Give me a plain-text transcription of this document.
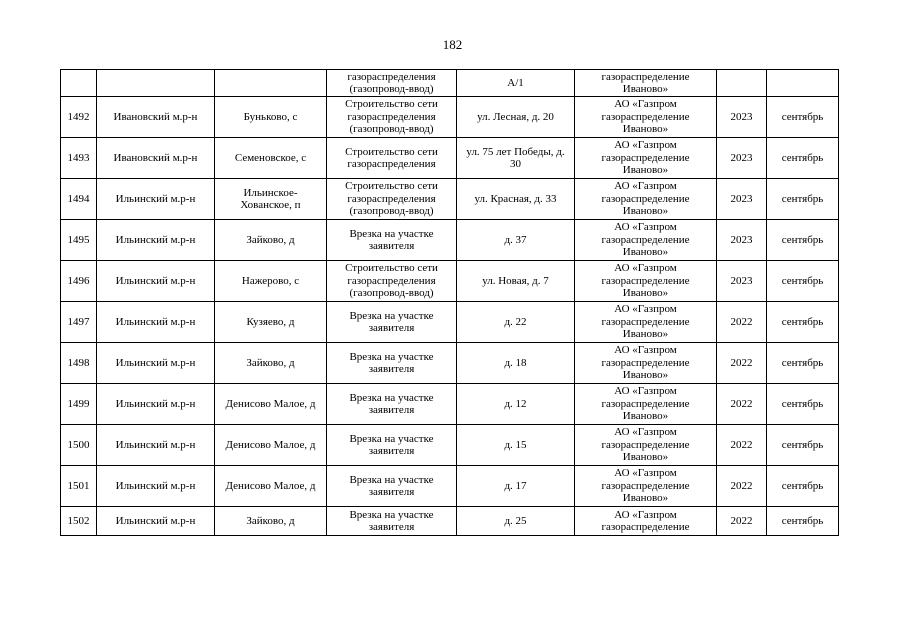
182

			газораспределения
(газопровод-ввод)	А/1	газораспределение
Иваново»		

1492	Ивановский м.р-н	Буньково, с	Строительство сети
газораспределения
(газопровод-ввод)	ул. Лесная, д. 20	АО «Газпром
газораспределение
Иваново»	2023	сентябрь

1493	Ивановский м.р-н	Семеновское, с	Строительство сети
газораспределения	ул. 75 лет Победы, д.
30	АО «Газпром
газораспределение
Иваново»	2023	сентябрь

1494	Ильинский м.р-н	Ильинское-
Хованское, п	Строительство сети
газораспределения
(газопровод-ввод)	ул. Красная, д. 33	АО «Газпром
газораспределение
Иваново»	2023	сентябрь

1495	Ильинский м.р-н	Зайково, д	Врезка на участке
заявителя	д. 37	АО «Газпром
газораспределение
Иваново»	2023	сентябрь

1496	Ильинский м.р-н	Нажерово, с	Строительство сети
газораспределения
(газопровод-ввод)	ул. Новая, д. 7	АО «Газпром
газораспределение
Иваново»	2023	сентябрь

1497	Ильинский м.р-н	Кузяево, д	Врезка на участке
заявителя	д. 22	АО «Газпром
газораспределение
Иваново»	2022	сентябрь

1498	Ильинский м.р-н	Зайково, д	Врезка на участке
заявителя	д. 18	АО «Газпром
газораспределение
Иваново»	2022	сентябрь

1499	Ильинский м.р-н	Денисово Малое, д	Врезка на участке
заявителя	д. 12	АО «Газпром
газораспределение
Иваново»	2022	сентябрь

1500	Ильинский м.р-н	Денисово Малое, д	Врезка на участке
заявителя	д. 15	АО «Газпром
газораспределение
Иваново»	2022	сентябрь

1501	Ильинский м.р-н	Денисово Малое, д	Врезка на участке
заявителя	д. 17	АО «Газпром
газораспределение
Иваново»	2022	сентябрь

1502	Ильинский м.р-н	Зайково, д	Врезка на участке
заявителя	д. 25	АО «Газпром
газораспределение	2022	сентябрь
